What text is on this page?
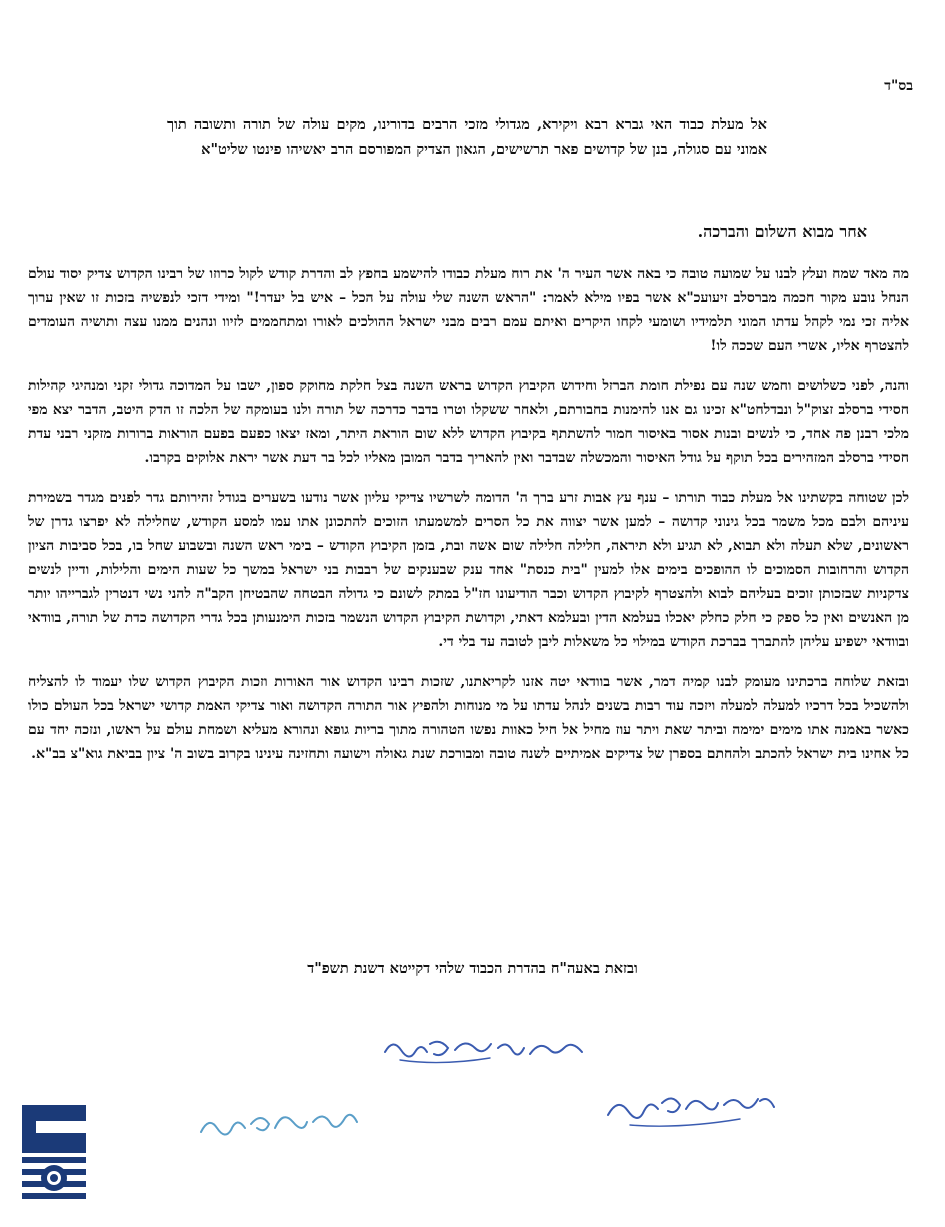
בס"ד
אל מעלת כבוד האי גברא רבא ויקירא, מגדולי מזכי הרבים בדורינו, מקים עולה של תורה ותשובה תוך אמוני עם סגולה, בנן של קדושים פאר תרשישים, הגאון הצדיק המפורסם הרב יאשיהו פינטו שליט"א
אחר מבוא השלום והברכה.

מה מאד שמח ועלץ לבנו על שמועה טובה כי באה אשר העיר ה' את רוח מעלת כבודו להישמע בחפץ לב והדרת קודש לקול כרוזו של רבינו הקדוש צדיק יסוד עולם הנחל נובע מקור חכמה מברסלב זיעועכ"א אשר בפיו מילא לאמר: "הראש השנה שלי עולה על הכל – איש בל יעדר!" ומידי דזכי לנפשיה בזכות זו שאין ערוך אליה זכי נמי לקהל עדתו המוני תלמידיו ושומעי לקחו היקרים ואיתם עמם רבים מבני ישראל ההולכים לאורו ומתחממים לזיוו ונהנים ממנו עצה ותושיה העומדים להצטרף אליו, אשרי העם שככה לו!

והנה, לפני כשלושים וחמש שנה עם נפילת חומת הברזל וחידוש הקיבוץ הקדוש בראש השנה בצל חלקת מחוקק ספון, ישבו על המדוכה גדולי זקני ומנהיגי קהילות חסידי ברסלב זצוק"ל ונבדלחט"א זכינו גם אנו להימנות בחבורתם, ולאחר ששקלו וטרו בדבר כדרכה של תורה ולנו בעומקה של הלכה זו הדק היטב, הדבר יצא מפי מלכי רבנן פה אחד, כי לנשים ובנות אסור באיסור חמור להשתתף בקיבוץ הקדוש ללא שום הוראת היתר, ומאז יצאו כפעם בפעם הוראות ברורות מזקני רבני עדת חסידי ברסלב המזהירים בכל תוקף על גודל האיסור והמכשלה שבדבר ואין להאריך בדבר המובן מאליו לכל בר דעת אשר יראת אלוקים בקרבו.

לכן שטוחה בקשתינו אל מעלת כבוד תורתו – ענף עץ אבות זרע ברך ה' הדומה לשרשיו צדיקי עליון אשר נודעו בשערים בגודל זהירותם גדר לפנים מגדר בשמירת עיניהם ולבם מכל משמר בכל גינוני קדושה – למען אשר יצווה את כל הסרים למשמעתו הזוכים להתכונן אתו עמו למסע הקודש, שחלילה לא יפרצו גדרן של ראשונים, שלא תעלה ולא תבוא, לא תגיע ולא תיראה, חלילה חלילה שום אשה ובת, בזמן הקיבוץ הקודש – בימי ראש השנה ובשבוע שחל בו, בכל סביבות הציון הקדוש והרחובות הסמוכים לו ההופכים בימים אלו למעין "בית כנסת" אחד ענק שבענקים של רבבות בני ישראל במשך כל שעות הימים והלילות, ודיין לנשים צדקניות שבזכותן זוכים בעליהם לבוא ולהצטרף לקיבוץ הקדוש וכבר הודיעונו חז"ל במתק לשונם כי גדולה הבטחה שהבטיחן הקב"ה להני נשי דנטרין לגברייהו יותר מן האנשים ואין כל ספק כי חלק כחלק יאכלו בעלמא הדין ובעלמא דאתי, וקדושת הקיבוץ הקדוש הנשמר בזכות הימנעותן בכל גדרי הקדושה כדת של תורה, בוודאי ובוודאי ישפיע עליהן להתברך בברכת הקודש במילוי כל משאלות ליבן לטובה עד בלי די.

ובזאת שלוחה ברכתינו מעומק לבנו קמיה דמר, אשר בוודאי יטה אזנו לקריאתנו, שזכות רבינו הקדוש אור האורות וזכות הקיבוץ הקדוש שלו יעמוד לו להצליח ולהשכיל בכל דרכיו למעלה למעלה ויזכה עוד רבות בשנים לנהל עדתו על מי מנוחות ולהפיץ אור התורה הקדושה ואור צדיקי האמת קדושי ישראל בכל העולם כולו כאשר באמנה אתו מימים ימימה וביתר שאת ויתר עוז מחיל אל חיל כאוות נפשו הטהורה מתוך בריות גופא ונהורא מעליא ושמחת עולם על ראשו, ונזכה יחד עם כל אחינו בית ישראל להכתב ולהחתם בספרן של צדיקים אמיתיים לשנה טובה ומבורכת שנת גאולה וישועה ותחזינה עינינו בקרוב בשוב ה' ציון בביאת גוא"צ בב"א.

ובזאת באעה"ח בהדרת הכבוד שלהי דקייטא דשנת תשפ"ד
